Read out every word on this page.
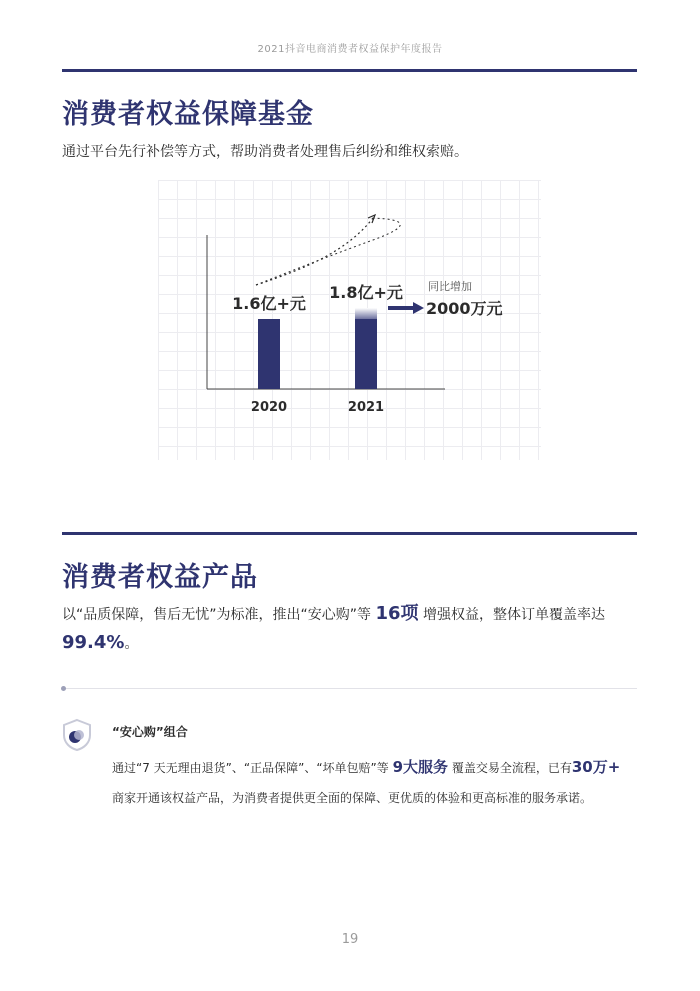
2021抖音电商消费者权益保护年度报告
消费者权益保障基金
通过平台先行补偿等方式，帮助消费者处理售后纠纷和维权索赔。
1.6亿+元
2020
1.8亿+元
2021
同比增加
2000万元
消费者权益产品
以“品质保障，售后无忧”为标准，推出“安心购”等 16项 增强权益，整体订单覆盖率达99.4%。
“安心购”组合
通过“7 天无理由退货”、“正品保障”、“坏单包赔”等 9大服务 覆盖交易全流程，已有30万+
商家开通该权益产品，为消费者提供更全面的保障、更优质的体验和更高标准的服务承诺。
19
